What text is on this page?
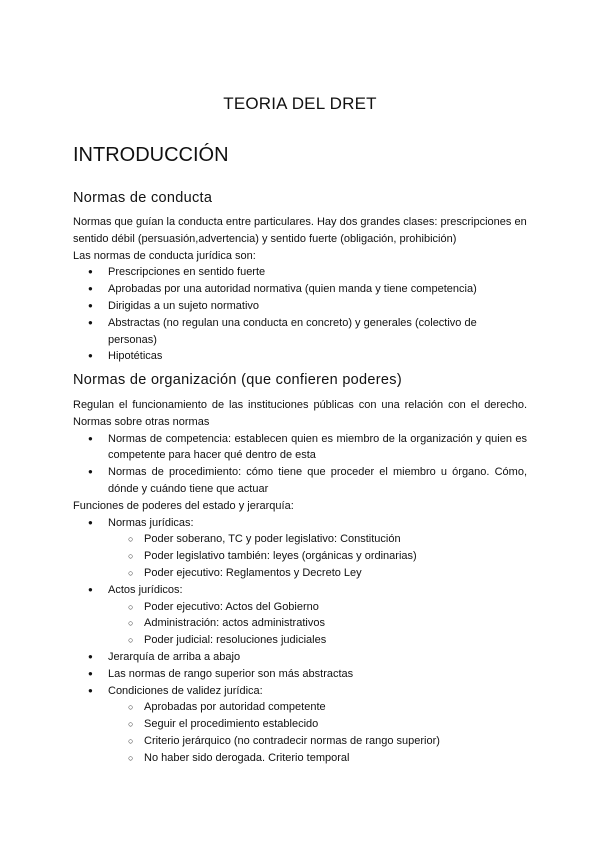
TEORIA DEL DRET
INTRODUCCIÓN
Normas de conducta

Normas que guían la conducta entre particulares. Hay dos grandes clases: prescripciones en sentido débil (persuasión,advertencia) y sentido fuerte (obligación, prohibición)

Las normas de conducta jurídica son:

● Prescripciones en sentido fuerte
● Aprobadas por una autoridad normativa (quien manda y tiene competencia)
● Dirigidas a un sujeto normativo
● Abstractas (no regulan una conducta en concreto) y generales (colectivo de personas)
● Hipotéticas
Normas de organización (que confieren poderes)

Regulan el funcionamiento de las instituciones públicas con una relación con el derecho. Normas sobre otras normas

● Normas de competencia: establecen quien es miembro de la organización y quien es competente para hacer qué dentro de esta
● Normas de procedimiento: cómo tiene que proceder el miembro u órgano. Cómo, dónde y cuándo tiene que actuar

Funciones de poderes del estado y jerarquía:

● Normas jurídicas:
○ Poder soberano, TC y poder legislativo: Constitución
○ Poder legislativo también: leyes (orgánicas y ordinarias)
○ Poder ejecutivo: Reglamentos y Decreto Ley
● Actos jurídicos:
○ Poder ejecutivo: Actos del Gobierno
○ Administración: actos administrativos
○ Poder judicial: resoluciones judiciales
● Jerarquía de arriba a abajo
● Las normas de rango superior son más abstractas
● Condiciones de validez jurídica:
○ Aprobadas por autoridad competente
○ Seguir el procedimiento establecido
○ Criterio jerárquico (no contradecir normas de rango superior)
○ No haber sido derogada. Criterio temporal
